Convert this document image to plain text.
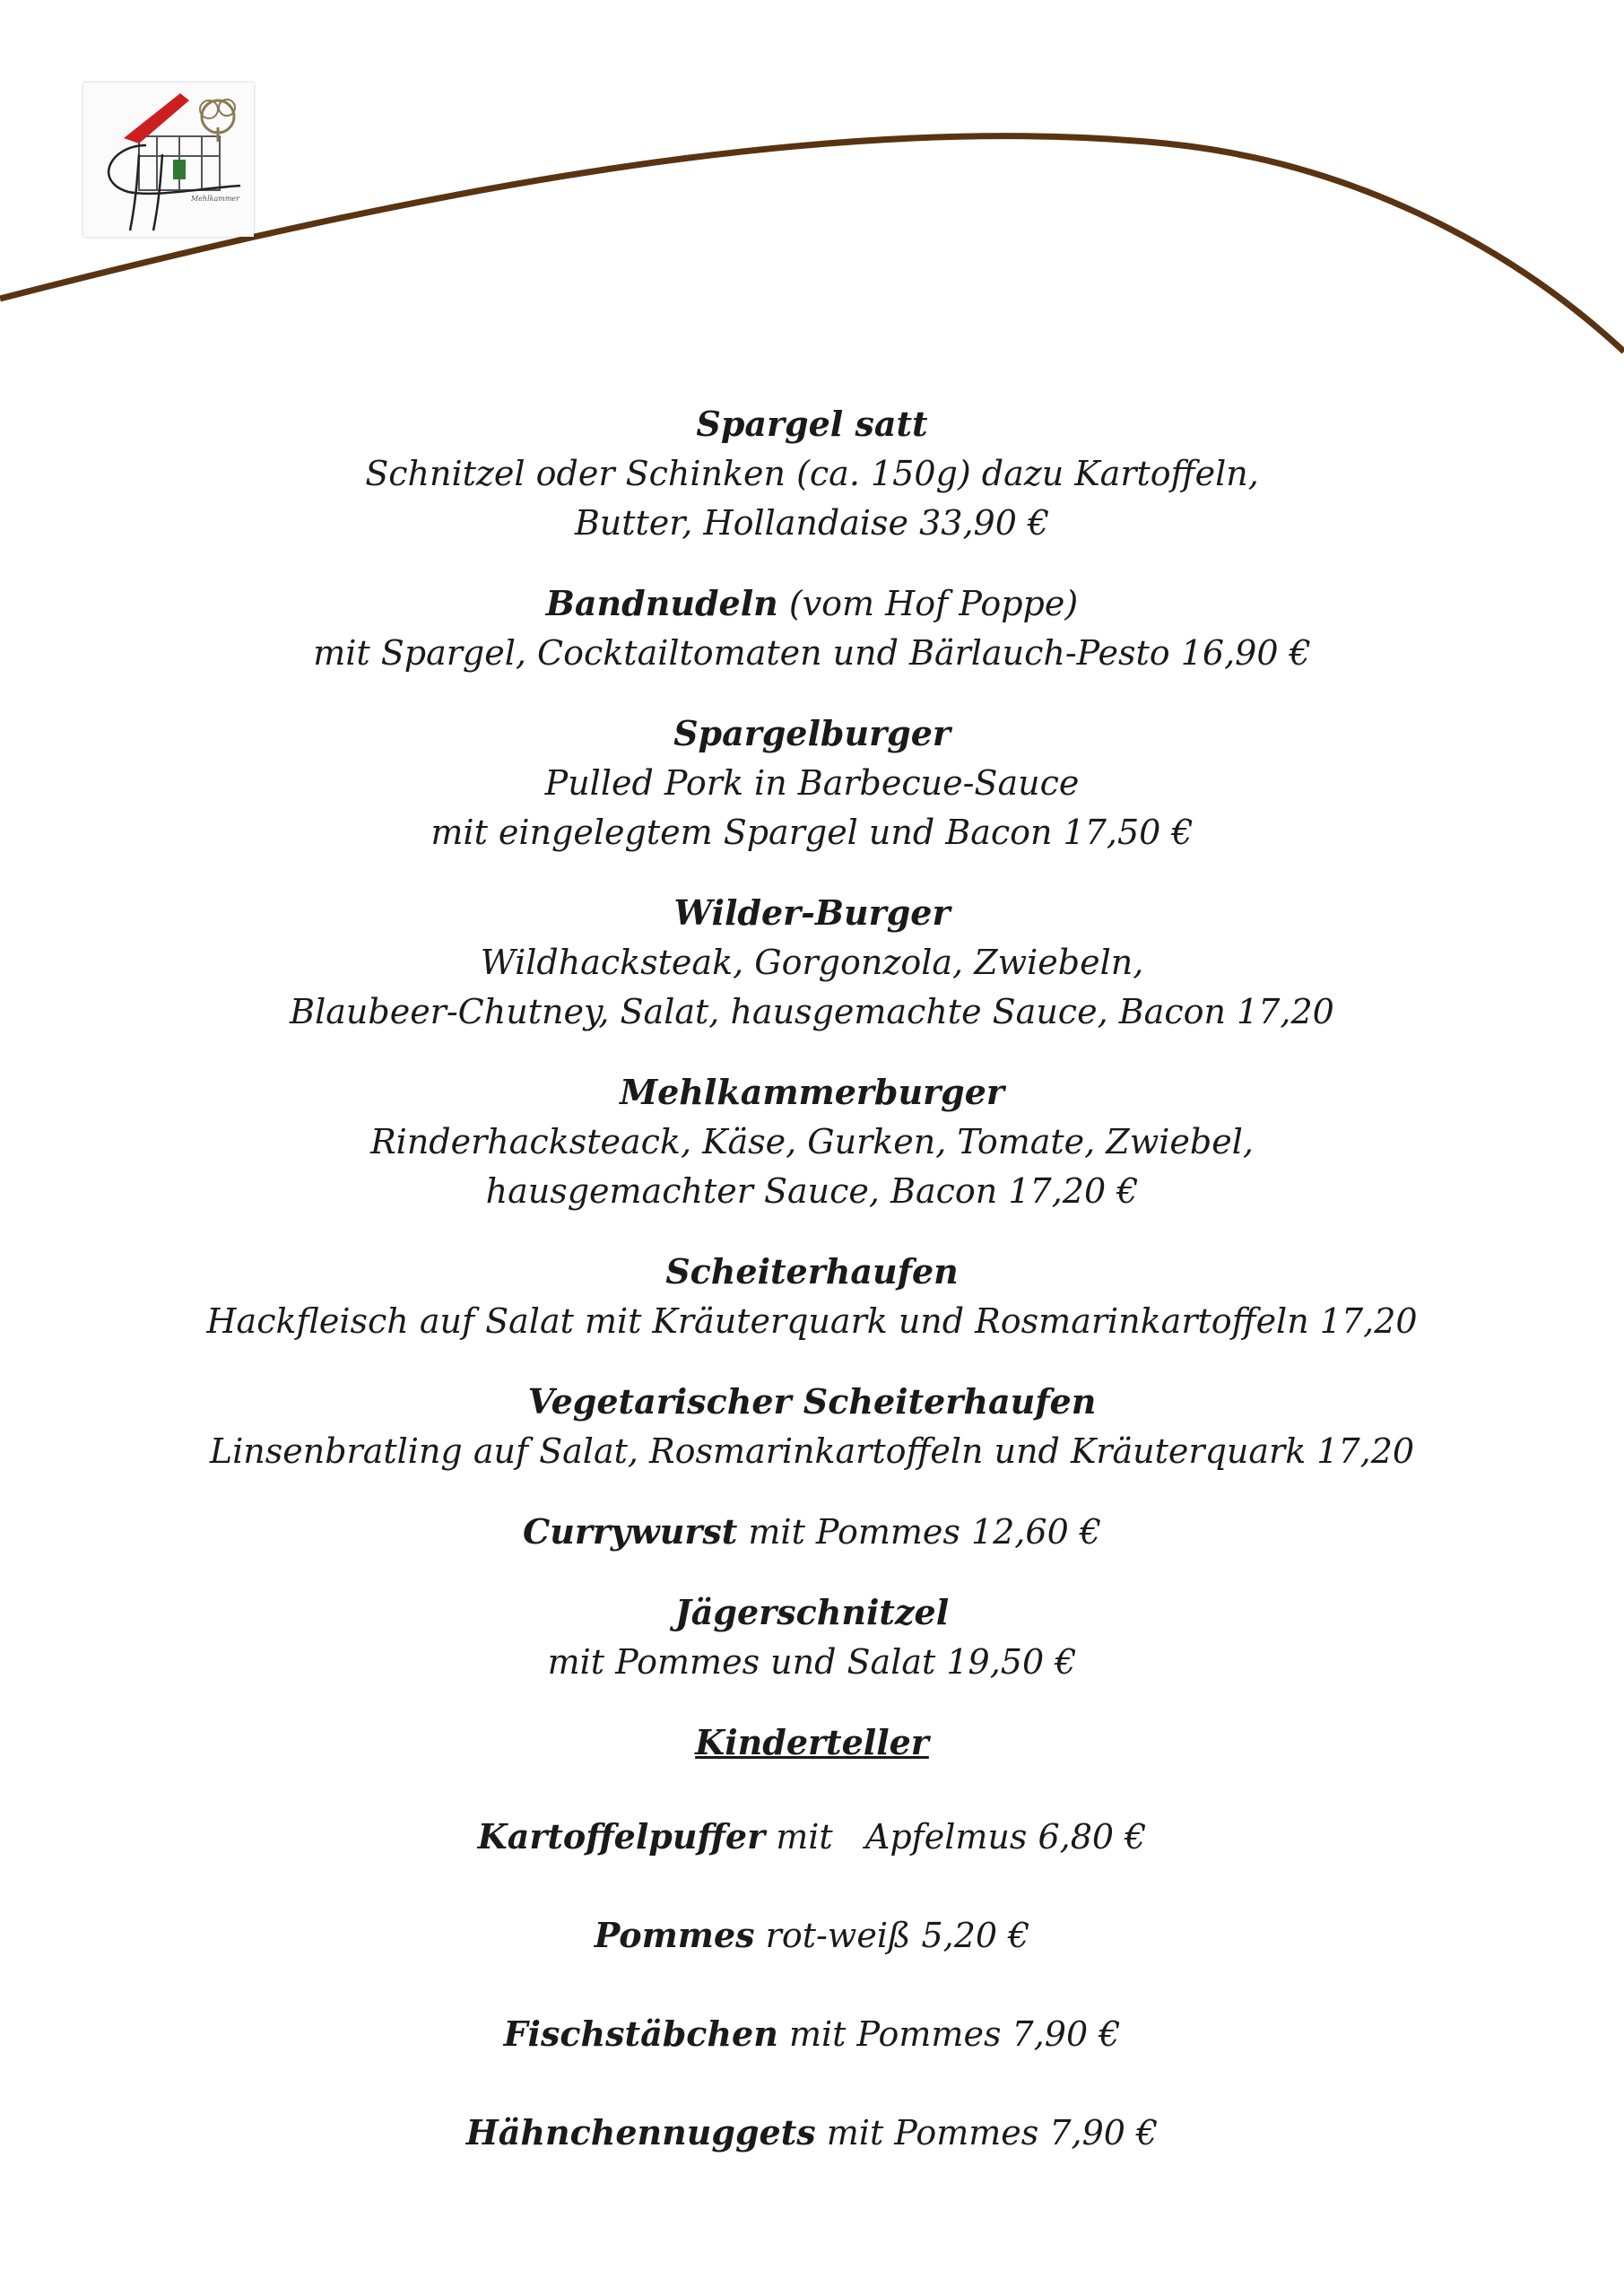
Mehlkammer
Spargel satt
Schnitzel oder Schinken (ca. 150g) dazu Kartoffeln,
Butter, Hollandaise 33,90 €
Bandnudeln (vom Hof Poppe)
mit Spargel, Cocktailtomaten und Bärlauch-Pesto 16,90 €
Spargelburger
Pulled Pork in Barbecue-Sauce
mit eingelegtem Spargel und Bacon 17,50 €
Wilder-Burger
Wildhacksteak, Gorgonzola, Zwiebeln,
Blaubeer-Chutney, Salat, hausgemachte Sauce, Bacon 17,20
Mehlkammerburger
Rinderhacksteack, Käse, Gurken, Tomate, Zwiebel,
hausgemachter Sauce, Bacon 17,20 €
Scheiterhaufen
Hackfleisch auf Salat mit Kräuterquark und Rosmarinkartoffeln 17,20
Vegetarischer Scheiterhaufen
Linsenbratling auf Salat, Rosmarinkartoffeln und Kräuterquark 17,20
Currywurst mit Pommes 12,60 €
Jägerschnitzel
mit Pommes und Salat 19,50 €
Kinderteller
Kartoffelpuffer mit   Apfelmus 6,80 €
Pommes rot-weiß 5,20 €
Fischstäbchen mit Pommes 7,90 €
Hähnchennuggets mit Pommes 7,90 €
